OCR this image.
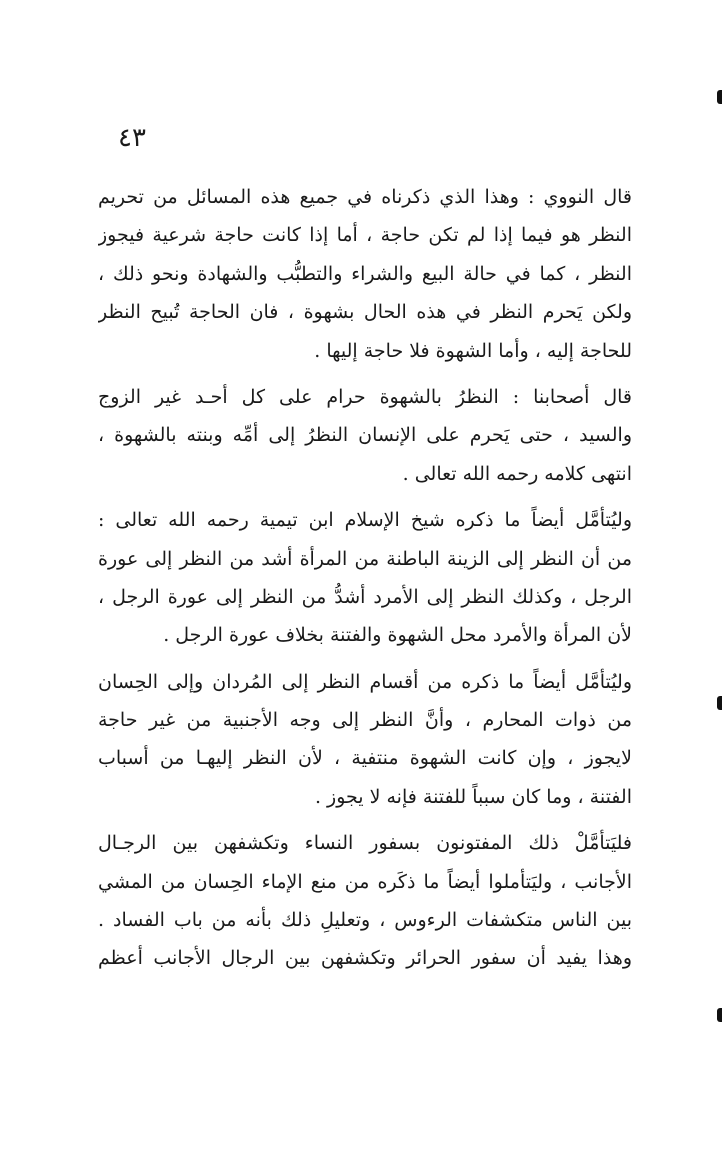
٤٣
قال النووي : وهذا الذي ذكرناه في جميع هذه المسائل من تحريم
النظر هو فيما إذا لم تكن حاجة ، أما إذا كانت حاجة شرعية فيجوز
النظر ، كما في حالة البيع والشراء والتطبُّب والشهادة ونحو ذلك ،
ولكن يَحرم النظر في هذه الحال بشهوة ، فان الحاجة تُبيح النظر
للحاجة إليه ، وأما الشهوة فلا حاجة إليها .
قال أصحابنا : النظرُ بالشهوة حرام على كل أحـد غير الزوج
والسيد ، حتى يَحرم على الإنسان النظرُ إلى أمِّه وبنته بالشهوة ،
انتهى كلامه رحمه الله تعالى .
وليُتأمَّل أيضاً ما ذكره شيخ الإسلام ابن تيمية رحمه الله تعالى :
من أن النظر إلى الزينة الباطنة من المرأة أشد من النظر إلى عورة
الرجل ، وكذلك النظر إلى الأمرد أشدُّ من النظر إلى عورة الرجل ،
لأن المرأة والأمرد محل الشهوة والفتنة بخلاف عورة الرجل .
وليُتأمَّل أيضاً ما ذكره من أقسام النظر إلى المُردان وإلى الحِسان
من ذوات المحارم ، وأنَّ النظر إلى وجه الأجنبية من غير حاجة
لايجوز ، وإن كانت الشهوة منتفية ، لأن النظر إليهـا من أسباب
الفتنة ، وما كان سبباً للفتنة فإنه لا يجوز .
فليَتأمَّلْ ذلك المفتونون بسفور النساء وتكشفهن بين الرجـال
الأجانب ، وليَتأملوا أيضاً ما ذكَره من منع الإماء الحِسان من المشي
بين الناس متكشفات الرءوس ، وتعليلِ ذلك بأنه من باب الفساد .
وهذا يفيد أن سفور الحرائر وتكشفهن بين الرجال الأجانب أعظم
